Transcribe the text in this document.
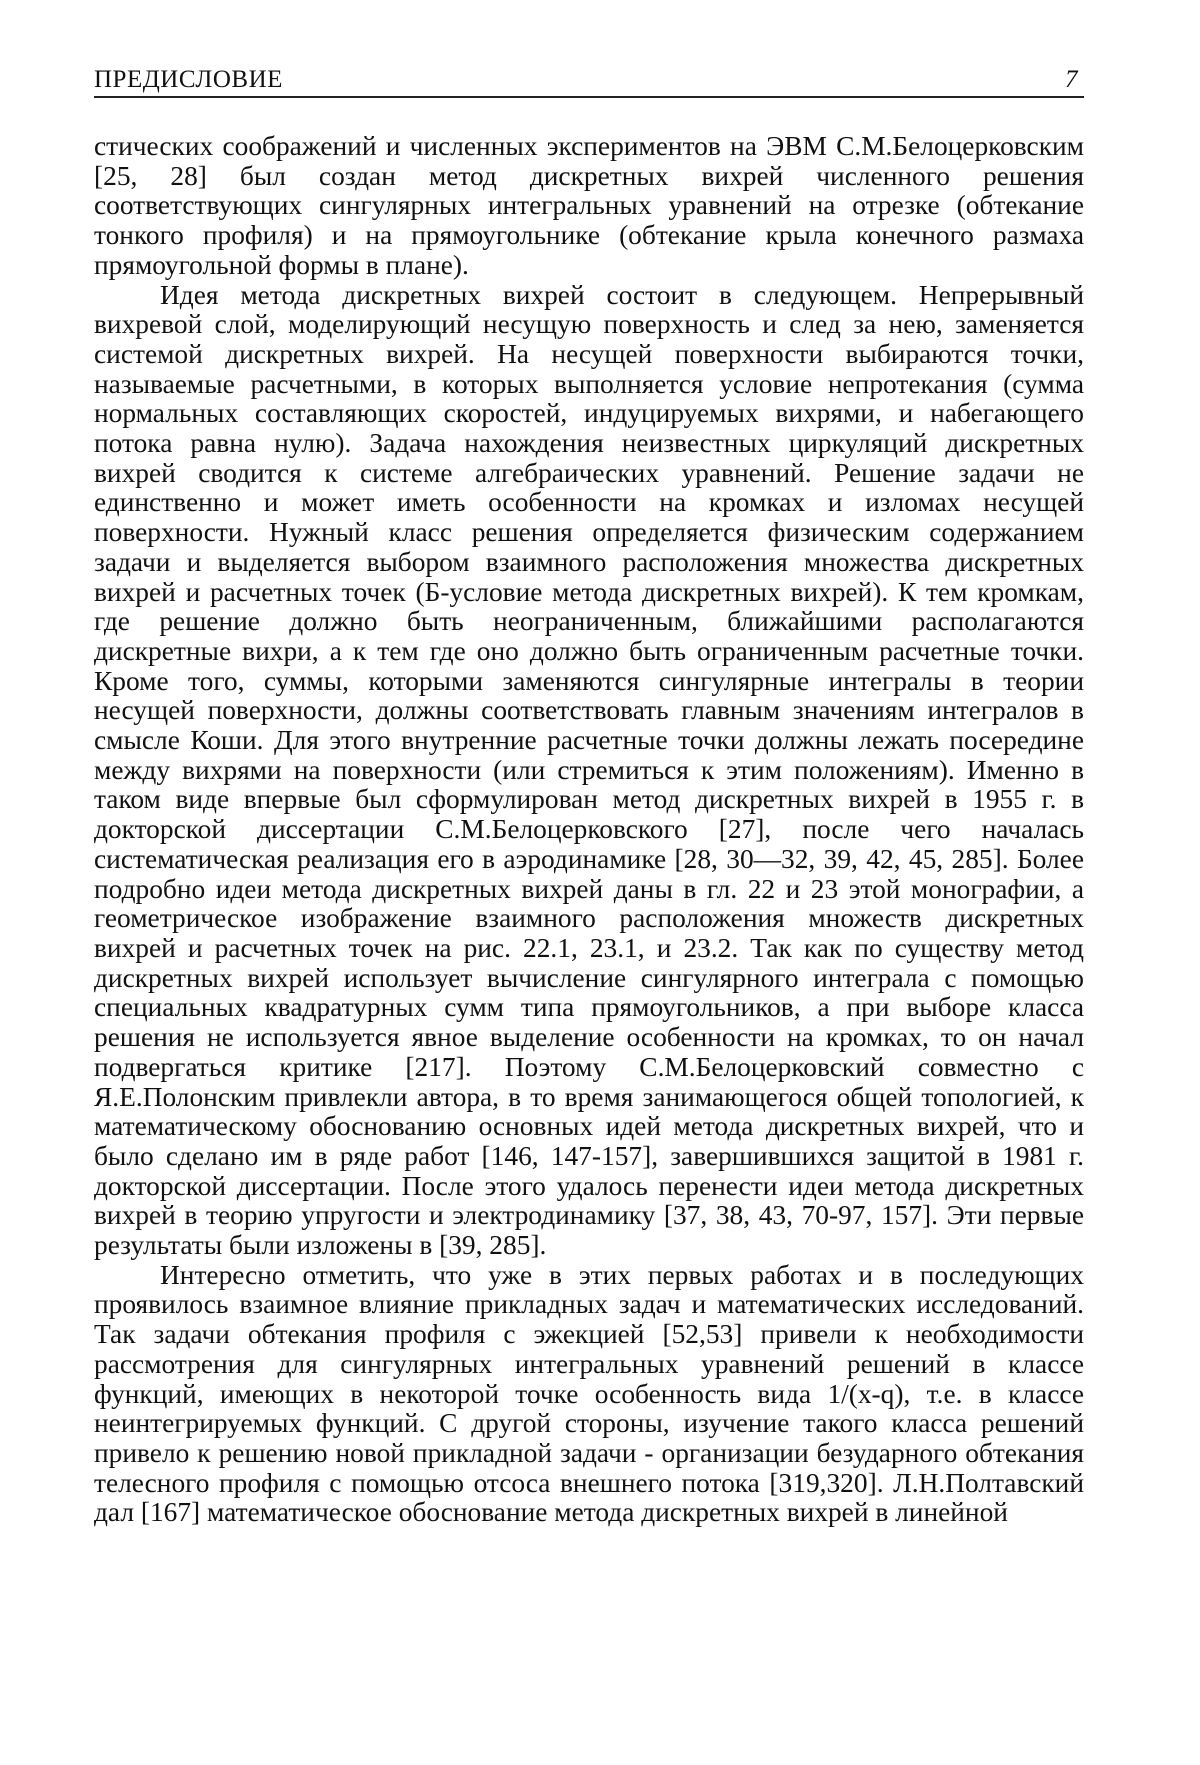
ПРЕДИСЛОВИЕ	7

стических соображений и численных экспериментов на ЭВМ С.М.Белоцерковским [25, 28] был создан метод дискретных вихрей численного решения соответствующих сингулярных интегральных уравнений на отрезке (обтекание тонкого профиля) и на прямоугольнике (обтекание крыла конечного размаха прямоугольной формы в плане).

Идея метода дискретных вихрей состоит в следующем. Непрерывный вихревой слой, моделирующий несущую поверхность и след за нею, заменяется системой дискретных вихрей. На несущей поверхности выбираются точки, называемые расчетными, в которых выполняется условие непротекания (сумма нормальных составляющих скоростей, индуцируемых вихрями, и набегающего потока равна нулю). Задача нахождения неизвестных циркуляций дискретных вихрей сводится к системе алгебраических уравнений. Решение задачи не единственно и может иметь особенности на кромках и изломах несущей поверхности. Нужный класс решения определяется физическим содержанием задачи и выделяется выбором взаимного расположения множества дискретных вихрей и расчетных точек (Б-условие метода дискретных вихрей). К тем кромкам, где решение должно быть неограниченным, ближайшими располагаются дискретные вихри, а к тем где оно должно быть ограниченным расчетные точки. Кроме того, суммы, которыми заменяются сингулярные интегралы в теории несущей поверхности, должны соответствовать главным значениям интегралов в смысле Коши. Для этого внутренние расчетные точки должны лежать посередине между вихрями на поверхности (или стремиться к этим положениям). Именно в таком виде впервые был сформулирован метод дискретных вихрей в 1955 г. в докторской диссертации С.М.Белоцерковского [27], после чего началась систематическая реализация его в аэродинамике [28, 30—32, 39, 42, 45, 285]. Более подробно идеи метода дискретных вихрей даны в гл. 22 и 23 этой монографии, а геометрическое изображение взаимного расположения множеств дискретных вихрей и расчетных точек на рис. 22.1, 23.1, и 23.2. Так как по существу метод дискретных вихрей использует вычисление сингулярного интеграла с помощью специальных квадратурных сумм типа прямоугольников, а при выборе класса решения не используется явное выделение особенности на кромках, то он начал подвергаться критике [217]. Поэтому С.М.Белоцерковский совместно с Я.Е.Полонским привлекли автора, в то время занимающегося общей топологией, к математическому обоснованию основных идей метода дискретных вихрей, что и было сделано им в ряде работ [146, 147-157], завершившихся защитой в 1981 г. докторской диссертации. После этого удалось перенести идеи метода дискретных вихрей в теорию упругости и электродинамику [37, 38, 43, 70-97, 157]. Эти первые результаты были изложены в [39, 285].

Интересно отметить, что уже в этих первых работах и в последующих проявилось взаимное влияние прикладных задач и математических исследований. Так задачи обтекания профиля с эжекцией [52,53] привели к необходимости рассмотрения для сингулярных интегральных уравнений решений в классе функций, имеющих в некоторой точке особенность вида 1/(x-q), т.е. в классе неинтегрируемых функций. С другой стороны, изучение такого класса решений привело к решению новой прикладной задачи - организации безударного обтекания телесного профиля с помощью отсоса внешнего потока [319,320]. Л.Н.Полтавский дал [167] математическое обоснование метода дискретных вихрей в линейной
